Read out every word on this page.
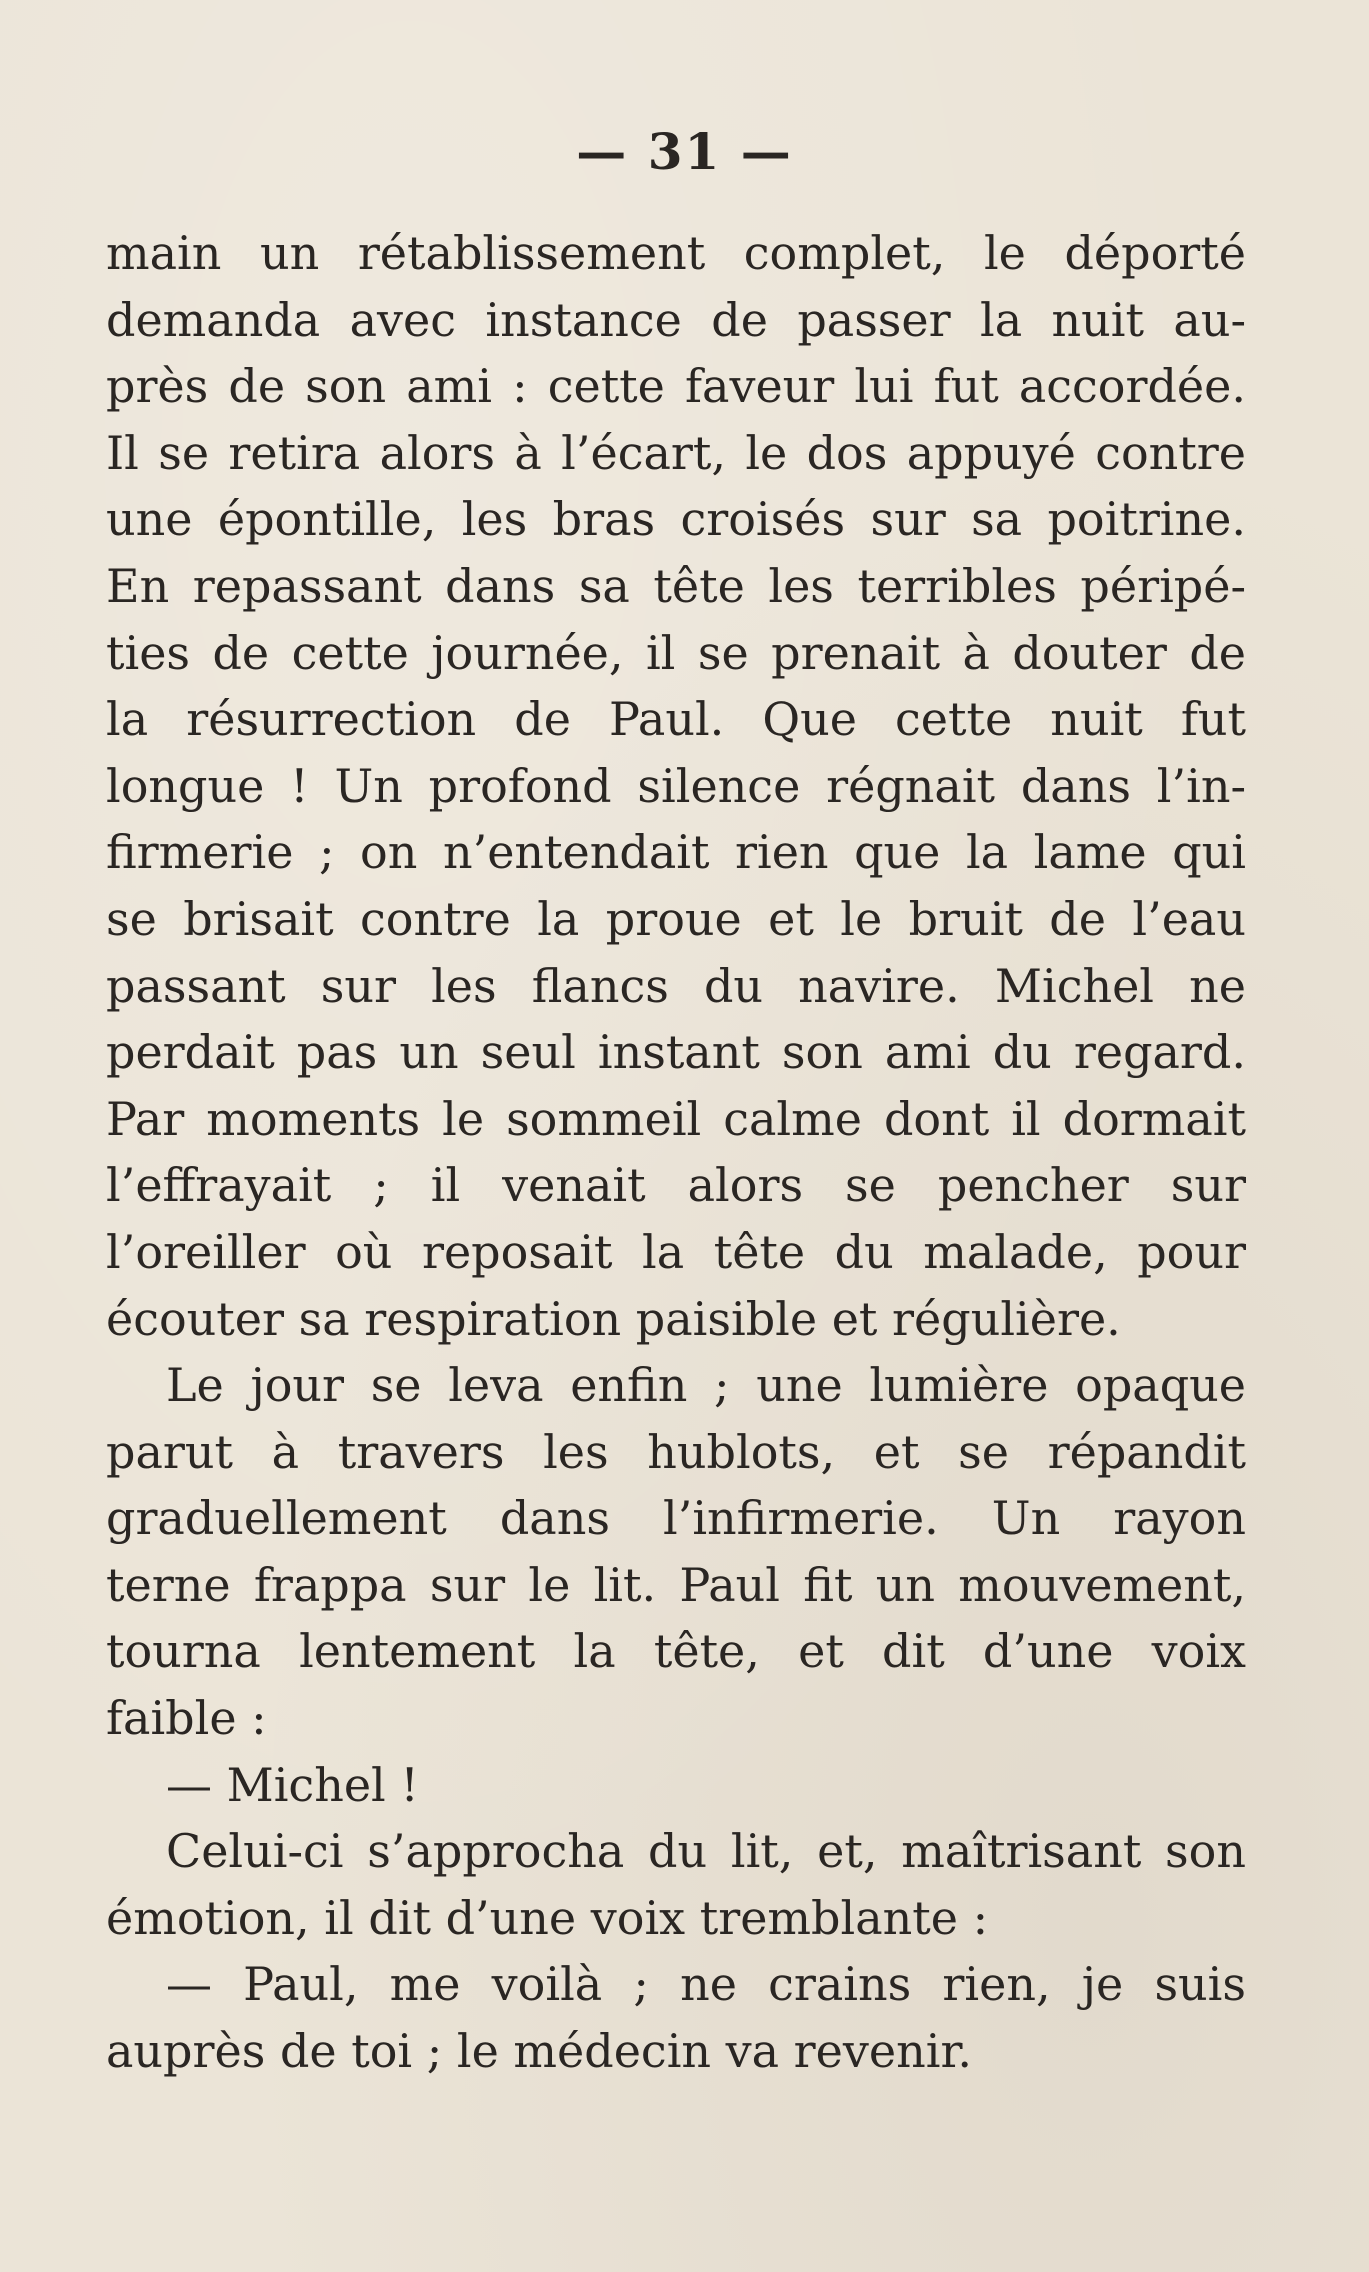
— 31 —
main un rétablissement complet, le déporté
demanda avec instance de passer la nuit au-
près de son ami : cette faveur lui fut accordée.
Il se retira alors à l’écart, le dos appuyé contre
une épontille, les bras croisés sur sa poitrine.
En repassant dans sa tête les terribles péripé-
ties de cette journée, il se prenait à douter de
la résurrection de Paul. Que cette nuit fut
longue ! Un profond silence régnait dans l’in-
firmerie ; on n’entendait rien que la lame qui
se brisait contre la proue et le bruit de l’eau
passant sur les flancs du navire. Michel ne
perdait pas un seul instant son ami du regard.
Par moments le sommeil calme dont il dormait
l’effrayait ; il venait alors se pencher sur
l’oreiller où reposait la tête du malade, pour
écouter sa respiration paisible et régulière.
Le jour se leva enfin ; une lumière opaque
parut à travers les hublots, et se répandit
graduellement dans l’infirmerie. Un rayon
terne frappa sur le lit. Paul fit un mouvement,
tourna lentement la tête, et dit d’une voix
faible :
— Michel !
Celui-ci s’approcha du lit, et, maîtrisant son
émotion, il dit d’une voix tremblante :
— Paul, me voilà ; ne crains rien, je suis
auprès de toi ; le médecin va revenir.
